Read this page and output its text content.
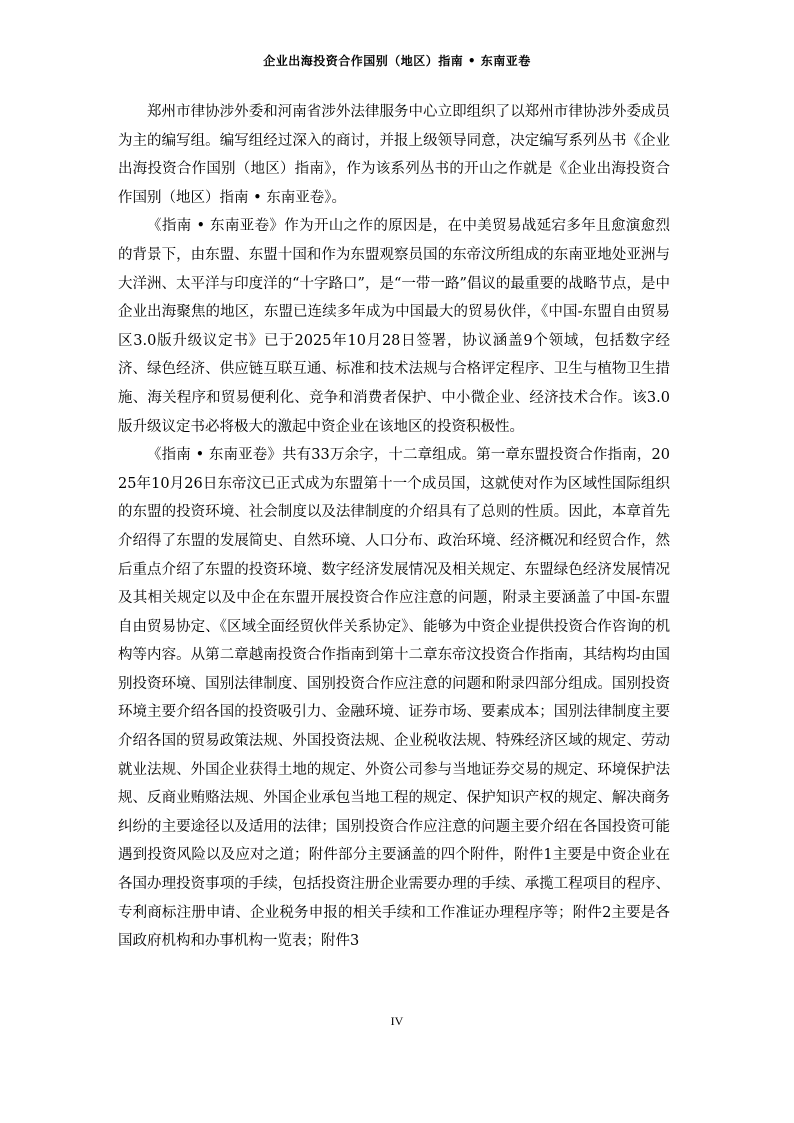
企业出海投资合作国别（地区）指南 • 东南亚卷

郑州市律协涉外委和河南省涉外法律服务中心立即组织了以郑州市律协涉外委成员为主的编写组。编写组经过深入的商讨，并报上级领导同意，决定编写系列丛书《企业出海投资合作国别（地区）指南》，作为该系列丛书的开山之作就是《企业出海投资合作国别（地区）指南 • 东南亚卷》。

《指南 • 东南亚卷》作为开山之作的原因是，在中美贸易战延宕多年且愈演愈烈的背景下，由东盟、东盟十国和作为东盟观察员国的东帝汶所组成的东南亚地处亚洲与大洋洲、太平洋与印度洋的“十字路口”，是“一带一路”倡议的最重要的战略节点，是中企业出海聚焦的地区，东盟已连续多年成为中国最大的贸易伙伴，《中国-东盟自由贸易区3.0版升级议定书》已于2025年10月28日签署，协议涵盖9个领域，包括数字经济、绿色经济、供应链互联互通、标准和技术法规与合格评定程序、卫生与植物卫生措施、海关程序和贸易便利化、竞争和消费者保护、中小微企业、经济技术合作。该3.0版升级议定书必将极大的激起中资企业在该地区的投资积极性。

《指南 • 东南亚卷》共有33万余字，十二章组成。第一章东盟投资合作指南，2025年10月26日东帝汶已正式成为东盟第十一个成员国，这就使对作为区域性国际组织的东盟的投资环境、社会制度以及法律制度的介绍具有了总则的性质。因此，本章首先介绍得了东盟的发展简史、自然环境、人口分布、政治环境、经济概况和经贸合作，然后重点介绍了东盟的投资环境、数字经济发展情况及相关规定、东盟绿色经济发展情况及其相关规定以及中企在东盟开展投资合作应注意的问题，附录主要涵盖了中国-东盟自由贸易协定、《区域全面经贸伙伴关系协定》、能够为中资企业提供投资合作咨询的机构等内容。从第二章越南投资合作指南到第十二章东帝汶投资合作指南，其结构均由国别投资环境、国别法律制度、国别投资合作应注意的问题和附录四部分组成。国别投资环境主要介绍各国的投资吸引力、金融环境、证券市场、要素成本；国别法律制度主要介绍各国的贸易政策法规、外国投资法规、企业税收法规、特殊经济区域的规定、劳动就业法规、外国企业获得土地的规定、外资公司参与当地证券交易的规定、环境保护法规、反商业贿赂法规、外国企业承包当地工程的规定、保护知识产权的规定、解决商务纠纷的主要途径以及适用的法律；国别投资合作应注意的问题主要介绍在各国投资可能遇到投资风险以及应对之道；附件部分主要涵盖的四个附件，附件1主要是中资企业在各国办理投资事项的手续，包括投资注册企业需要办理的手续、承揽工程项目的程序、专利商标注册申请、企业税务申报的相关手续和工作准证办理程序等；附件2主要是各国政府机构和办事机构一览表；附件3

IV
